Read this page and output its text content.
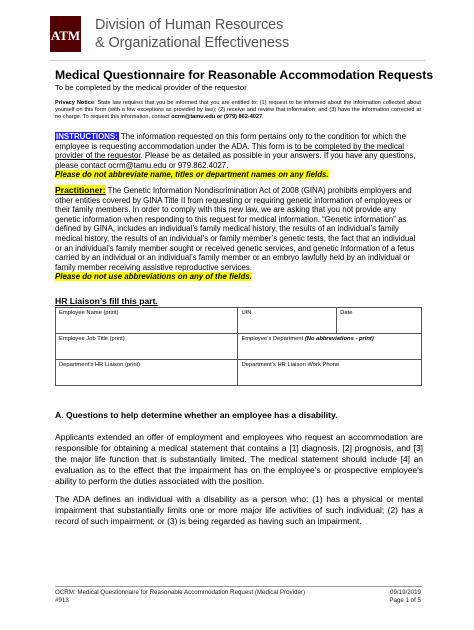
ATM
Division of Human Resources
& Organizational Effectiveness
Medical Questionnaire for Reasonable Accommodation Requests
To be completed by the medical provider of the requestor
Privacy Notice: State law requires that you be informed that you are entitled to: (1) request to be informed about the information collected about yourself on this form (with a few exceptions as provided by law); (2) receive and review that information; and (3) have the information corrected at no charge. To request this information, contact ocrm@tamu.edu or (979) 862-4027.
INSTRUCTIONS: The information requested on this form pertains only to the condition for which the employee is requesting accommodation under the ADA. This form is to be completed by the medical provider of the requestor. Please be as detailed as possible in your answers. If you have any questions, please contact ocrm@tamu.edu or 979.862.4027.
Please do not abbreviate name, titles or department names on any fields.
Practitioner: The Genetic Information Nondiscrimination Act of 2008 (GINA) prohibits employers and other entities covered by GINA Title II from requesting or requiring genetic information of employees or their family members. In order to comply with this new law, we are asking that you not provide any genetic information when responding to this request for medical information. “Genetic information” as defined by GINA, includes an individual’s family medical history, the results of an individual’s family medical history, the results of an individual’s or family member’s genetic tests, the fact that an individual or an individual’s family member sought or received genetic services, and genetic information of a fetus carried by an individual or an individual’s family member or an embryo lawfully held by an individual or family member receiving assistive reproductive services.
Please do not use abbreviations on any of the fields.
HR Liaison’s fill this part.
Employee Name (print)	UIN	Date
Employee Job Title (print)	Employee’s Department (No abbreviations - print)	
Department’s HR Liaison (print)	Department’s HR Liaison Work Phone	
A. Questions to help determine whether an employee has a disability.
Applicants extended an offer of employment and employees who request an accommodation are responsible for obtaining a medical statement that contains a [1] diagnosis, [2] prognosis, and [3] the major life function that is substantially limited. The medical statement should include [4] an evaluation as to the effect that the impairment has on the employee's or prospective employee's ability to perform the duties associated with the position.
The ADA defines an individual with a disability as a person who: (1) has a physical or mental impairment that substantially limits one or more major life activities of such individual; (2) has a record of such impairment; or (3) is being regarded as having such an impairment.
OCRM: Medical Questionnaire for Reasonable Accommodation Request (Medical Provider)
#913
09/19/2019
Page 1 of 5
